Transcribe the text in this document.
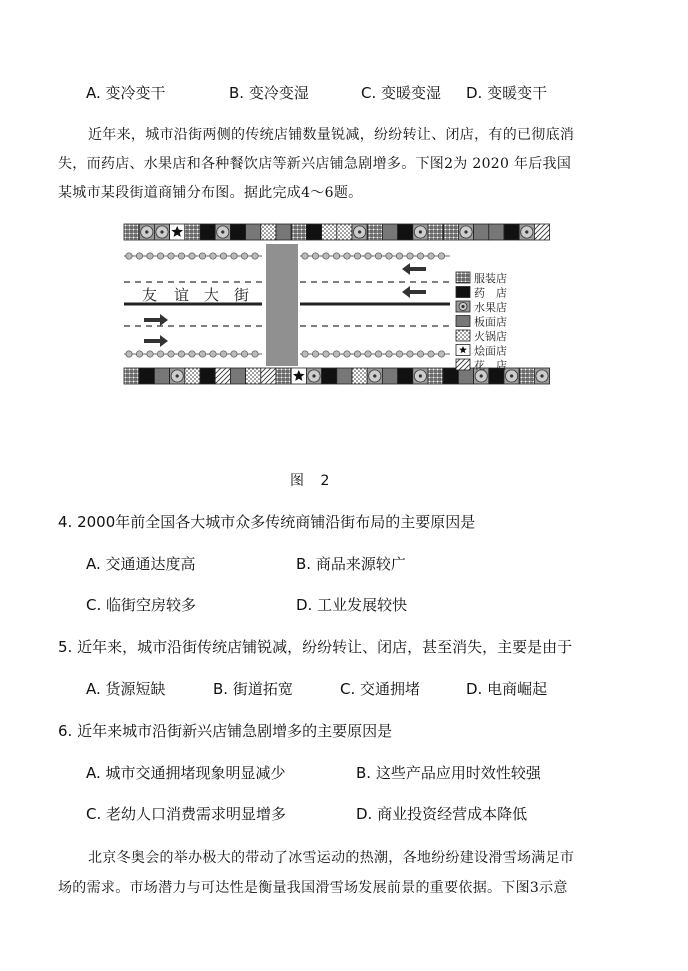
A. 变冷变干	B. 变冷变湿	C. 变暖变湿 D. 变暖变干
近年来，城市沿街两侧的传统店铺数量锐减，纷纷转让、闭店，有的已彻底消
失，而药店、水果店和各种餐饮店等新兴店铺急剧增多。下图2为 2020 年后我国
某城市某段街道商铺分布图。据此完成4～6题。
友 谊 大 街
服装店
药　店
水果店
板面店
火锅店
烩面店
花　店
图 2
4. 2000年前全国各大城市众多传统商铺沿街布局的主要原因是
A. 交通通达度高	B. 商品来源较广
C. 临街空房较多	D. 工业发展较快
5. 近年来，城市沿街传统店铺锐减，纷纷转让、闭店，甚至消失，主要是由于
A. 货源短缺	B. 街道拓宽	C. 交通拥堵	D. 电商崛起
6. 近年来城市沿街新兴店铺急剧增多的主要原因是
A. 城市交通拥堵现象明显减少	B. 这些产品应用时效性较强
C. 老幼人口消费需求明显增多	D. 商业投资经营成本降低
北京冬奥会的举办极大的带动了冰雪运动的热潮，各地纷纷建设滑雪场满足市
场的需求。市场潜力与可达性是衡量我国滑雪场发展前景的重要依据。下图3示意
